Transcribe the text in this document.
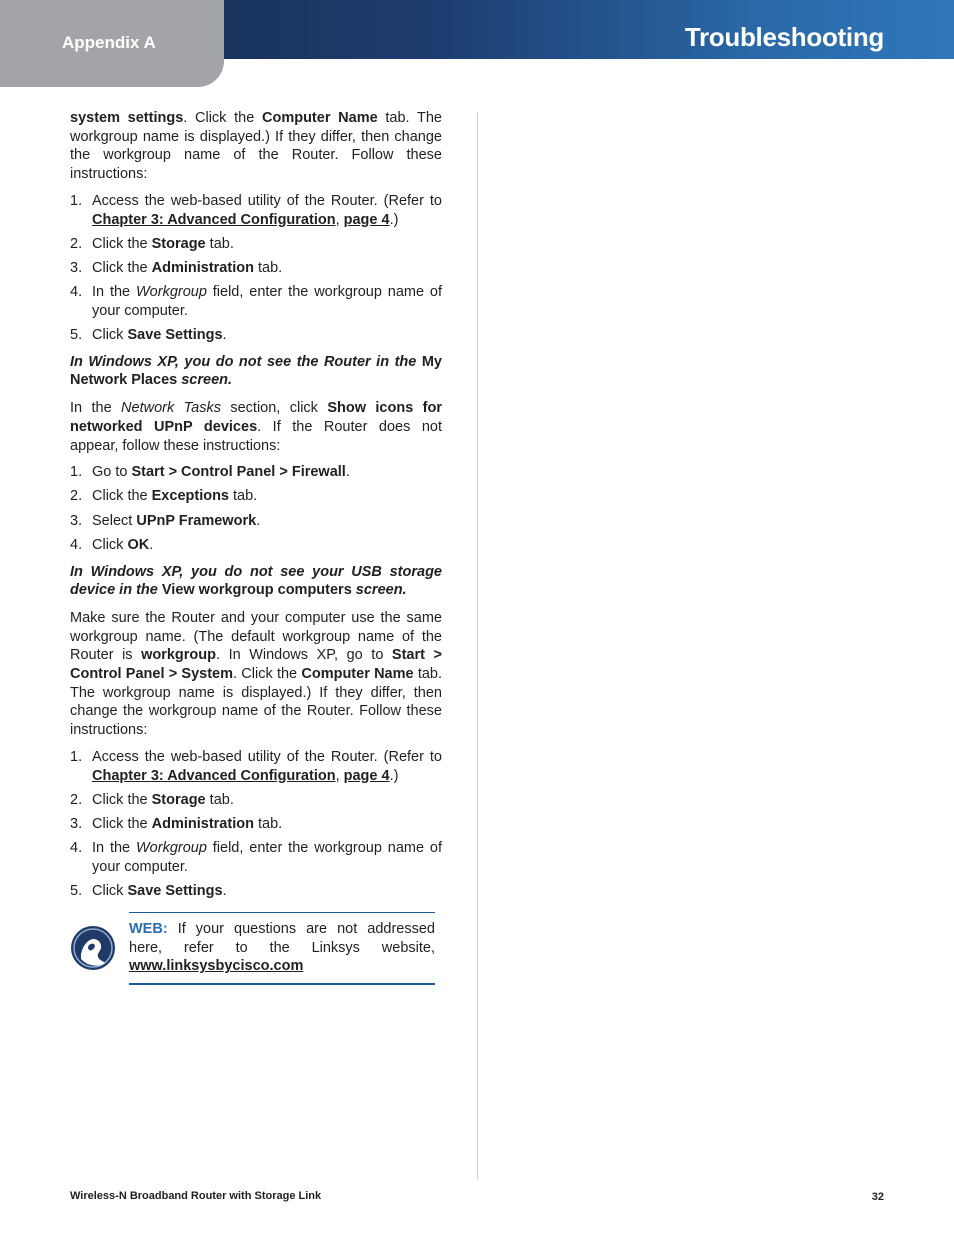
Appendix A	Troubleshooting

system settings. Click the Computer Name tab. The workgroup name is displayed.) If they differ, then change the workgroup name of the Router. Follow these instructions:

1. Access the web-based utility of the Router. (Refer to Chapter 3: Advanced Configuration, page 4.)
2. Click the Storage tab.
3. Click the Administration tab.
4. In the Workgroup field, enter the workgroup name of your computer.
5. Click Save Settings.
In Windows XP, you do not see the Router in the My Network Places screen.

In the Network Tasks section, click Show icons for networked UPnP devices. If the Router does not appear, follow these instructions:

1. Go to Start > Control Panel > Firewall.
2. Click the Exceptions tab.
3. Select UPnP Framework.
4. Click OK.
In Windows XP, you do not see your USB storage device in the View workgroup computers screen.

Make sure the Router and your computer use the same workgroup name. (The default workgroup name of the Router is workgroup. In Windows XP, go to Start > Control Panel > System. Click the Computer Name tab. The workgroup name is displayed.) If they differ, then change the workgroup name of the Router. Follow these instructions:

1. Access the web-based utility of the Router. (Refer to Chapter 3: Advanced Configuration, page 4.)
2. Click the Storage tab.
3. Click the Administration tab.
4. In the Workgroup field, enter the workgroup name of your computer.
5. Click Save Settings.
WEB: If your questions are not addressed here, refer to the Linksys website, www.linksysbycisco.com
Wireless-N Broadband Router with Storage Link	32
